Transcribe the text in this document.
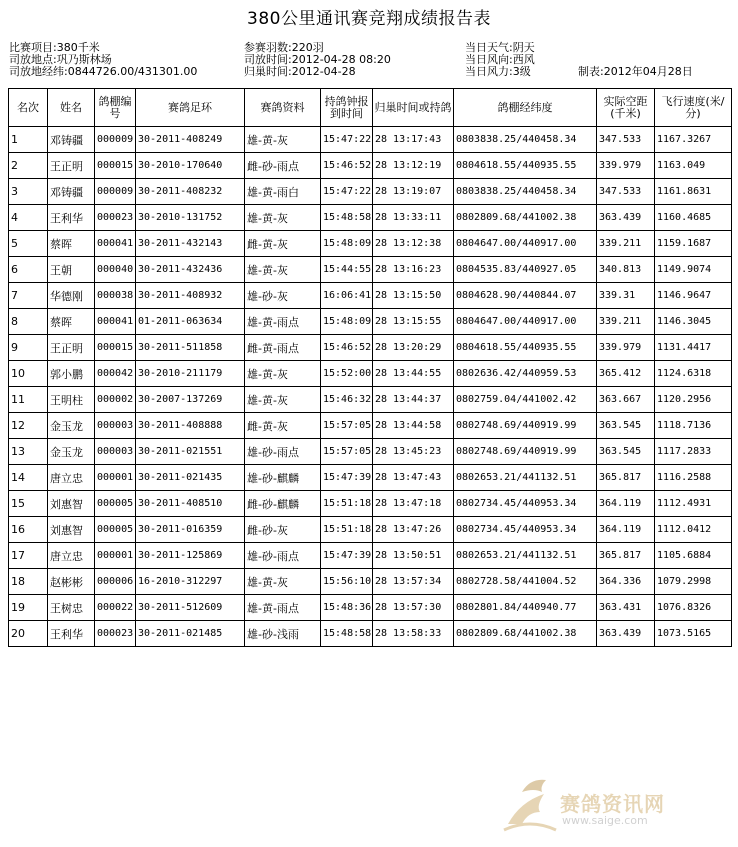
380公里通讯赛竞翔成绩报告表
比赛项目:380千米
司放地点:巩乃斯林场
司放地经纬:0844726.00/431301.00
参赛羽数:220羽
司放时间:2012-04-28 08:20
归巢时间:2012-04-28
当日天气:阴天
当日风向:西风
当日风力:3级	制表:2012年04月28日
名次	姓名	鸽棚编号	赛鸽足环	赛鸽资料	持鸽钟报到时间	归巢时间或持鸽	鸽棚经纬度	实际空距(千米)	飞行速度(米/分)
1	邓铸疆	000009	30-2011-408249	雄-黄-灰	15:47:22	28 13:17:43	0803838.25/440458.34	347.533	1167.3267
2	王正明	000015	30-2010-170640	雌-砂-雨点	15:46:52	28 13:12:19	0804618.55/440935.55	339.979	1163.049
3	邓铸疆	000009	30-2011-408232	雄-黄-雨白	15:47:22	28 13:19:07	0803838.25/440458.34	347.533	1161.8631
4	王利华	000023	30-2010-131752	雄-黄-灰	15:48:58	28 13:33:11	0802809.68/441002.38	363.439	1160.4685
5	蔡晖	000041	30-2011-432143	雌-黄-灰	15:48:09	28 13:12:38	0804647.00/440917.00	339.211	1159.1687
6	王朝	000040	30-2011-432436	雄-黄-灰	15:44:55	28 13:16:23	0804535.83/440927.05	340.813	1149.9074
7	华德刚	000038	30-2011-408932	雄-砂-灰	16:06:41	28 13:15:50	0804628.90/440844.07	339.31	1146.9647
8	蔡晖	000041	01-2011-063634	雄-黄-雨点	15:48:09	28 13:15:55	0804647.00/440917.00	339.211	1146.3045
9	王正明	000015	30-2011-511858	雌-黄-雨点	15:46:52	28 13:20:29	0804618.55/440935.55	339.979	1131.4417
10	郭小鹏	000042	30-2010-211179	雄-黄-灰	15:52:00	28 13:44:55	0802636.42/440959.53	365.412	1124.6318
11	王明柱	000002	30-2007-137269	雄-黄-灰	15:46:32	28 13:44:37	0802759.04/441002.42	363.667	1120.2956
12	金玉龙	000003	30-2011-408888	雌-黄-灰	15:57:05	28 13:44:58	0802748.69/440919.99	363.545	1118.7136
13	金玉龙	000003	30-2011-021551	雄-砂-雨点	15:57:05	28 13:45:23	0802748.69/440919.99	363.545	1117.2833
14	唐立忠	000001	30-2011-021435	雄-砂-麒麟	15:47:39	28 13:47:43	0802653.21/441132.51	365.817	1116.2588
15	刘惠智	000005	30-2011-408510	雌-砂-麒麟	15:51:18	28 13:47:18	0802734.45/440953.34	364.119	1112.4931
16	刘惠智	000005	30-2011-016359	雌-砂-灰	15:51:18	28 13:47:26	0802734.45/440953.34	364.119	1112.0412
17	唐立忠	000001	30-2011-125869	雄-砂-雨点	15:47:39	28 13:50:51	0802653.21/441132.51	365.817	1105.6884
18	赵彬彬	000006	16-2010-312297	雄-黄-灰	15:56:10	28 13:57:34	0802728.58/441004.52	364.336	1079.2998
19	王树忠	000022	30-2011-512609	雄-黄-雨点	15:48:36	28 13:57:30	0802801.84/440940.77	363.431	1076.8326
20	王利华	000023	30-2011-021485	雄-砂-浅雨	15:48:58	28 13:58:33	0802809.68/441002.38	363.439	1073.5165
赛鸽资讯网
www.saige.com
